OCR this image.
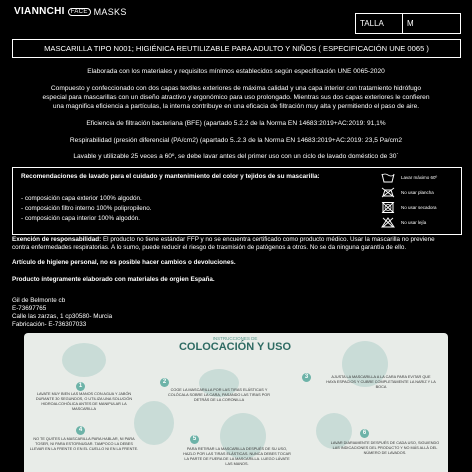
VIANNCHI	FACE MASKS
TALLA	M
MASCARILLA TIPO N001; HIGIÉNICA REUTILIZABLE PARA ADULTO Y NIÑOS ( ESPECIFICACIÓN UNE 0065 )
Elaborada con los materiales y requisitos mínimos establecidos según especificación UNE 0065-2020
Compuesto y confeccionado con dos capas textiles exteriores de máxima calidad y una capa interior con tratamiento hidrófugo
especial para mascarillas con un diseño atractivo y ergonómico para uso prolongado. Mientras sus dos capas exteriores le confieren
una magnifica eficiencia a partículas, la interna contribuye en una eficacia de filtración muy alta y permitiendo el paso de aire.
Eficiencia de filtración bacteriana (BFE) (apartado 5.2.2 de la Norma EN 14683:2019+AC:2019: 91,1%
Respirabilidad (presión diferencial (PA/cm2) (apartado 5..2.3 de la Norma EN 14683:2019+AC:2019: 23,5 Pa/cm2
Lavable y utilizable 25 veces a 60º, se debe lavar antes del primer uso con un ciclo de lavado doméstico de 30´
Recomendaciones de lavado para el cuidado y mantenimiento del color y tejidos de su mascarilla:
- composición capa exterior 100% algodón.
- composición filtro interno 100% polipropileno.
- composición capa interior 100% algodón.
Lavar máximo 60º
No usar plancha
No usar secadora
No usar lejía
Exención de responsabilidad: El producto no tiene estándar FFP y no se encuentra certificado como producto médico. Usar la mascarilla no previene
contra enfermedades respiratorias. A lo sumo, puede reducir el riesgo de trasmisión de patógenos a otros. No se da ninguna garantía de ello.
Artículo de higiene personal, no es posible hacer cambios o devoluciones.
Producto íntegramente elaborado con materiales de orgien España.
Gil de Belmonte cb
E-73697765
Calle las zarzas, 1 cp30580- Murcia
Fabricación- E-736307033
INSTRUCCIONES DE
COLOCACIÓN Y USO
1
LAVATE MUY BIEN LAS MANOS CON AGUA Y JABÓN DURANTE 30 SEGUNDOS, O UTILIZA UNA SOLUCIÓN HIDROALCOHÓLICA ANTES DE MANIPULAR LA MASCARILLA
2
COGE LA MASCARILLA POR LAS TIRAS ELÁSTICAS Y COLÓCALA SOBRE LA CARA, PASANDO LAS TIRAS POR DETRÁS DE LA CORONILLA
3	AJUSTA LA MASCARILLA A LA CARA PARA EVITAR QUE HAYA ESPACIOS Y CUBRE COMPLETAMENTE LA NARIZ Y LA BOCA
4
NO TE QUITES LA MASCARILLA PARA HABLAR, NI PARA TOSER, NI PARA ESTORNUDAR. TAMPOCO LA DEBES LLEVAR EN LA FRENTE O EN EL CUELLO NI EN LA FRENTE.
5
PARA RETIRAR LA MASCARILLA DESPUÉS DE SU USO, HAZLO POR LAS TIRAS ELÁSTICAS. NUNCA DEBES TOCAR LA PARTE DE FUERA DE LA MASCARILLA. LUEGO LÁVATE LAS MANOS.
6
LAVAR DIARIAMENTE DESPUÉS DE CADA USO, SIGUIENDO LAS INDICACIONES DEL PRODUCTO Y NO MÁS ALLÁ DEL NÚMERO DE LAVADOS.
